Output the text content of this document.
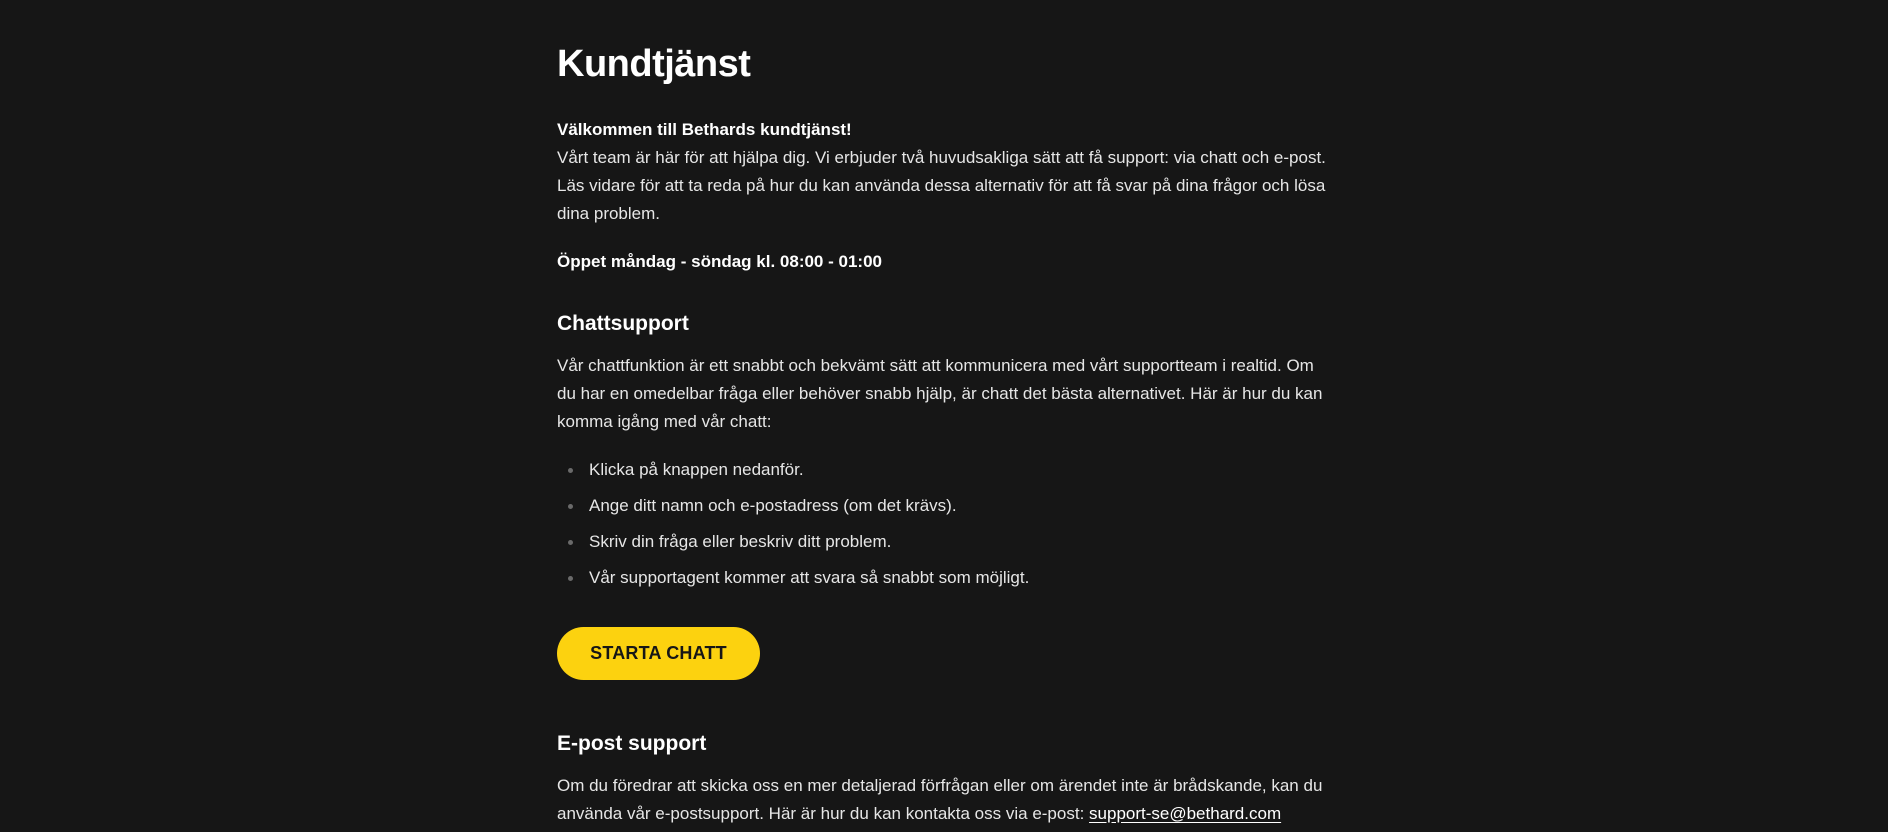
Kundtjänst

Välkommen till Bethards kundtjänst!
Vårt team är här för att hjälpa dig. Vi erbjuder två huvudsakliga sätt att få support: via chatt och e-post. Läs vidare för att ta reda på hur du kan använda dessa alternativ för att få svar på dina frågor och lösa dina problem.

Öppet måndag - söndag kl. 08:00 - 01:00

Chattsupport

Vår chattfunktion är ett snabbt och bekvämt sätt att kommunicera med vårt supportteam i realtid. Om du har en omedelbar fråga eller behöver snabb hjälp, är chatt det bästa alternativet. Här är hur du kan komma igång med vår chatt:

Klicka på knappen nedanför.
Ange ditt namn och e-postadress (om det krävs).
Skriv din fråga eller beskriv ditt problem.
Vår supportagent kommer att svara så snabbt som möjligt.
STARTA CHATT
E-post support

Om du föredrar att skicka oss en mer detaljerad förfrågan eller om ärendet inte är brådskande, kan du använda vår e-postsupport. Här är hur du kan kontakta oss via e-post: support-se@bethard.com
